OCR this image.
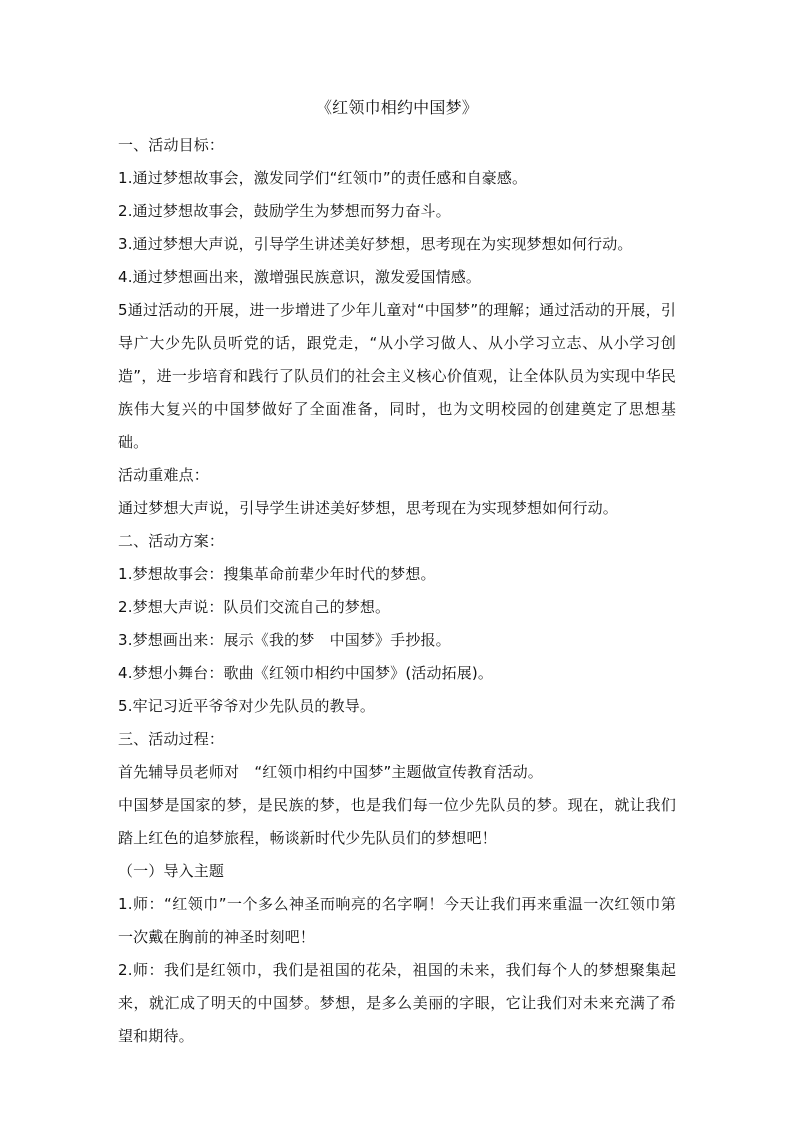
《红领巾相约中国梦》

一、活动目标：

1.通过梦想故事会，激发同学们“红领巾”的责任感和自豪感。

2.通过梦想故事会，鼓励学生为梦想而努力奋斗。

3.通过梦想大声说，引导学生讲述美好梦想，思考现在为实现梦想如何行动。

4.通过梦想画出来，激增强民族意识，激发爱国情感。

5通过活动的开展，进一步增进了少年儿童对“中国梦”的理解；通过活动的开展，引导广大少先队员听党的话，跟党走，“从小学习做人、从小学习立志、从小学习创造”，进一步培育和践行了队员们的社会主义核心价值观，让全体队员为实现中华民族伟大复兴的中国梦做好了全面准备，同时，也为文明校园的创建奠定了思想基础。

活动重难点：

通过梦想大声说，引导学生讲述美好梦想，思考现在为实现梦想如何行动。

二、活动方案：

1.梦想故事会：搜集革命前辈少年时代的梦想。

2.梦想大声说：队员们交流自己的梦想。

3.梦想画出来：展示《我的梦　中国梦》手抄报。

4.梦想小舞台：歌曲《红领巾相约中国梦》(活动拓展)。

5.牢记习近平爷爷对少先队员的教导。

三、活动过程：

首先辅导员老师对　“红领巾相约中国梦”主题做宣传教育活动。

中国梦是国家的梦，是民族的梦，也是我们每一位少先队员的梦。现在，就让我们踏上红色的追梦旅程，畅谈新时代少先队员们的梦想吧！

（一）导入主题

1.师：“红领巾”一个多么神圣而响亮的名字啊！今天让我们再来重温一次红领巾第一次戴在胸前的神圣时刻吧！

2.师：我们是红领巾，我们是祖国的花朵，祖国的未来，我们每个人的梦想聚集起来，就汇成了明天的中国梦。梦想，是多么美丽的字眼，它让我们对未来充满了希望和期待。
